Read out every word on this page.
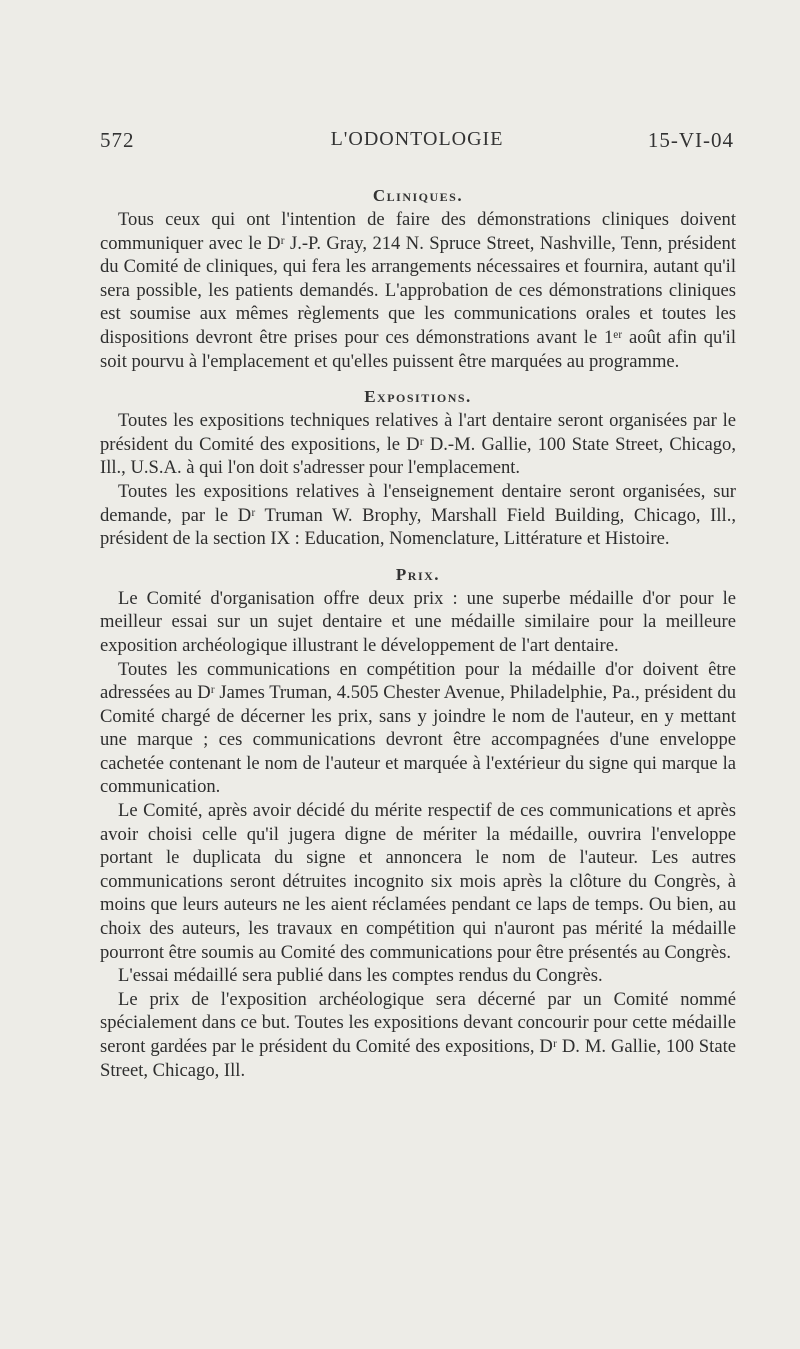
572	L'ODONTOLOGIE	15-VI-04
Cliniques.

Tous ceux qui ont l'intention de faire des démonstrations cliniques doivent communiquer avec le Dʳ J.-P. Gray, 214 N. Spruce Street, Nashville, Tenn, président du Comité de cliniques, qui fera les arrangements nécessaires et fournira, autant qu'il sera possible, les patients demandés. L'approbation de ces démonstrations cliniques est soumise aux mêmes règlements que les communications orales et toutes les dispositions devront être prises pour ces démonstrations avant le 1ᵉʳ août afin qu'il soit pourvu à l'emplacement et qu'elles puissent être marquées au programme.

Expositions.

Toutes les expositions techniques relatives à l'art dentaire seront organisées par le président du Comité des expositions, le Dʳ D.-M. Gallie, 100 State Street, Chicago, Ill., U.S.A. à qui l'on doit s'adresser pour l'emplacement.

Toutes les expositions relatives à l'enseignement dentaire seront organisées, sur demande, par le Dʳ Truman W. Brophy, Marshall Field Building, Chicago, Ill., président de la section IX : Education, Nomenclature, Littérature et Histoire.

Prix.

Le Comité d'organisation offre deux prix : une superbe médaille d'or pour le meilleur essai sur un sujet dentaire et une médaille similaire pour la meilleure exposition archéologique illustrant le développement de l'art dentaire.

Toutes les communications en compétition pour la médaille d'or doivent être adressées au Dʳ James Truman, 4.505 Chester Avenue, Philadelphie, Pa., président du Comité chargé de décerner les prix, sans y joindre le nom de l'auteur, en y mettant une marque ; ces communications devront être accompagnées d'une enveloppe cachetée contenant le nom de l'auteur et marquée à l'extérieur du signe qui marque la communication.

Le Comité, après avoir décidé du mérite respectif de ces communications et après avoir choisi celle qu'il jugera digne de mériter la médaille, ouvrira l'enveloppe portant le duplicata du signe et annoncera le nom de l'auteur. Les autres communications seront détruites incognito six mois après la clôture du Congrès, à moins que leurs auteurs ne les aient réclamées pendant ce laps de temps. Ou bien, au choix des auteurs, les travaux en compétition qui n'auront pas mérité la médaille pourront être soumis au Comité des communications pour être présentés au Congrès.

L'essai médaillé sera publié dans les comptes rendus du Congrès.

Le prix de l'exposition archéologique sera décerné par un Comité nommé spécialement dans ce but. Toutes les expositions devant concourir pour cette médaille seront gardées par le président du Comité des expositions, Dʳ D. M. Gallie, 100 State Street, Chicago, Ill.
